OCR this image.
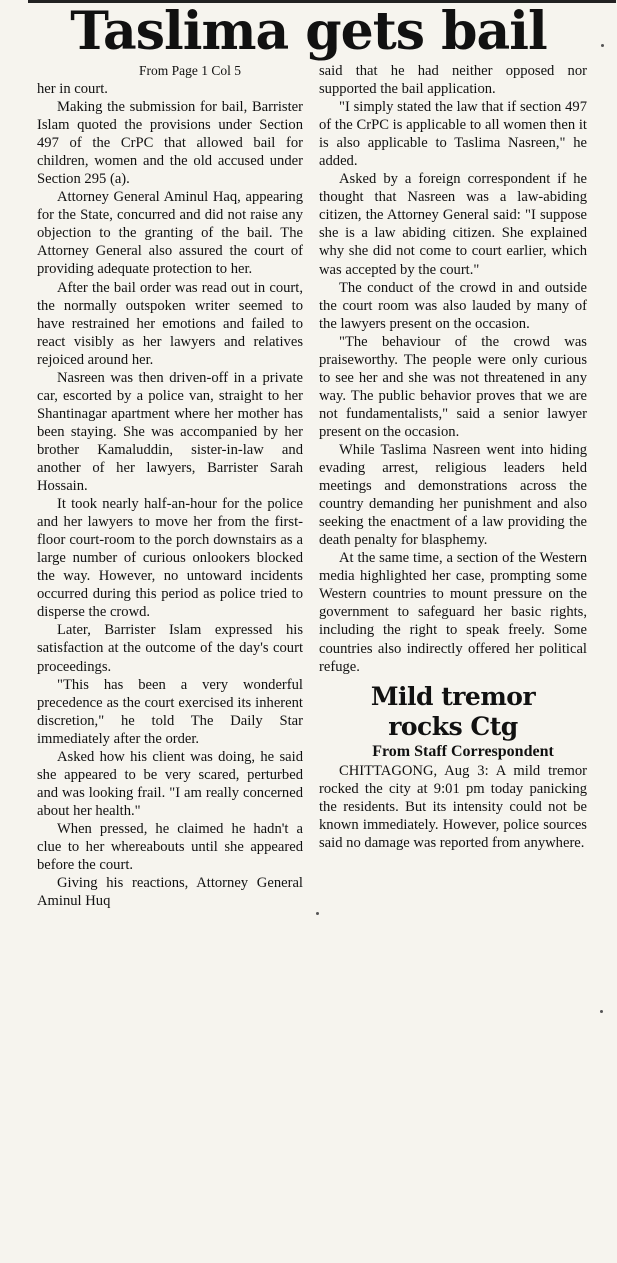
Taslima gets bail

From Page 1 Col 5

her in court.

Making the submission for bail, Barrister Islam quoted the provisions under Section 497 of the CrPC that allowed bail for children, women and the old accused under Section 295 (a).

Attorney General Aminul Haq, appearing for the State, concurred and did not raise any objection to the granting of the bail. The Attorney General also assured the court of providing adequate protection to her.

After the bail order was read out in court, the normally outspoken writer seemed to have restrained her emotions and failed to react visibly as her lawyers and relatives rejoiced around her.

Nasreen was then driven-off in a private car, escorted by a police van, straight to her Shantinagar apartment where her mother has been staying. She was accompanied by her brother Kamaluddin, sister-in-law and another of her lawyers, Barrister Sarah Hossain.

It took nearly half-an-hour for the police and her lawyers to move her from the first-floor court-room to the porch downstairs as a large number of curious onlookers blocked the way. However, no untoward incidents occurred during this period as police tried to disperse the crowd.

Later, Barrister Islam expressed his satisfaction at the outcome of the day's court proceedings.

"This has been a very wonderful precedence as the court exercised its inherent discretion," he told The Daily Star immediately after the order.

Asked how his client was doing, he said she appeared to be very scared, perturbed and was looking frail. "I am really concerned about her health."

When pressed, he claimed he hadn't a clue to her whereabouts until she appeared before the court.

Giving his reactions, Attorney General Aminul Huq

said that he had neither opposed nor supported the bail application.

"I simply stated the law that if section 497 of the CrPC is applicable to all women then it is also applicable to Taslima Nasreen," he added.

Asked by a foreign correspondent if he thought that Nasreen was a law-abiding citizen, the Attorney General said: "I suppose she is a law abiding citizen. She explained why she did not come to court earlier, which was accepted by the court."

The conduct of the crowd in and outside the court room was also lauded by many of the lawyers present on the occasion.

"The behaviour of the crowd was praiseworthy. The people were only curious to see her and she was not threatened in any way. The public behavior proves that we are not fundamentalists," said a senior lawyer present on the occasion.

While Taslima Nasreen went into hiding evading arrest, religious leaders held meetings and demonstrations across the country demanding her punishment and also seeking the enactment of a law providing the death penalty for blasphemy.

At the same time, a section of the Western media highlighted her case, prompting some Western countries to mount pressure on the government to safeguard her basic rights, including the right to speak freely. Some countries also indirectly offered her political refuge.

Mild tremor
rocks Ctg

From Staff Correspondent

CHITTAGONG, Aug 3: A mild tremor rocked the city at 9:01 pm today panicking the residents. But its intensity could not be known immediately. However, police sources said no damage was reported from anywhere.
